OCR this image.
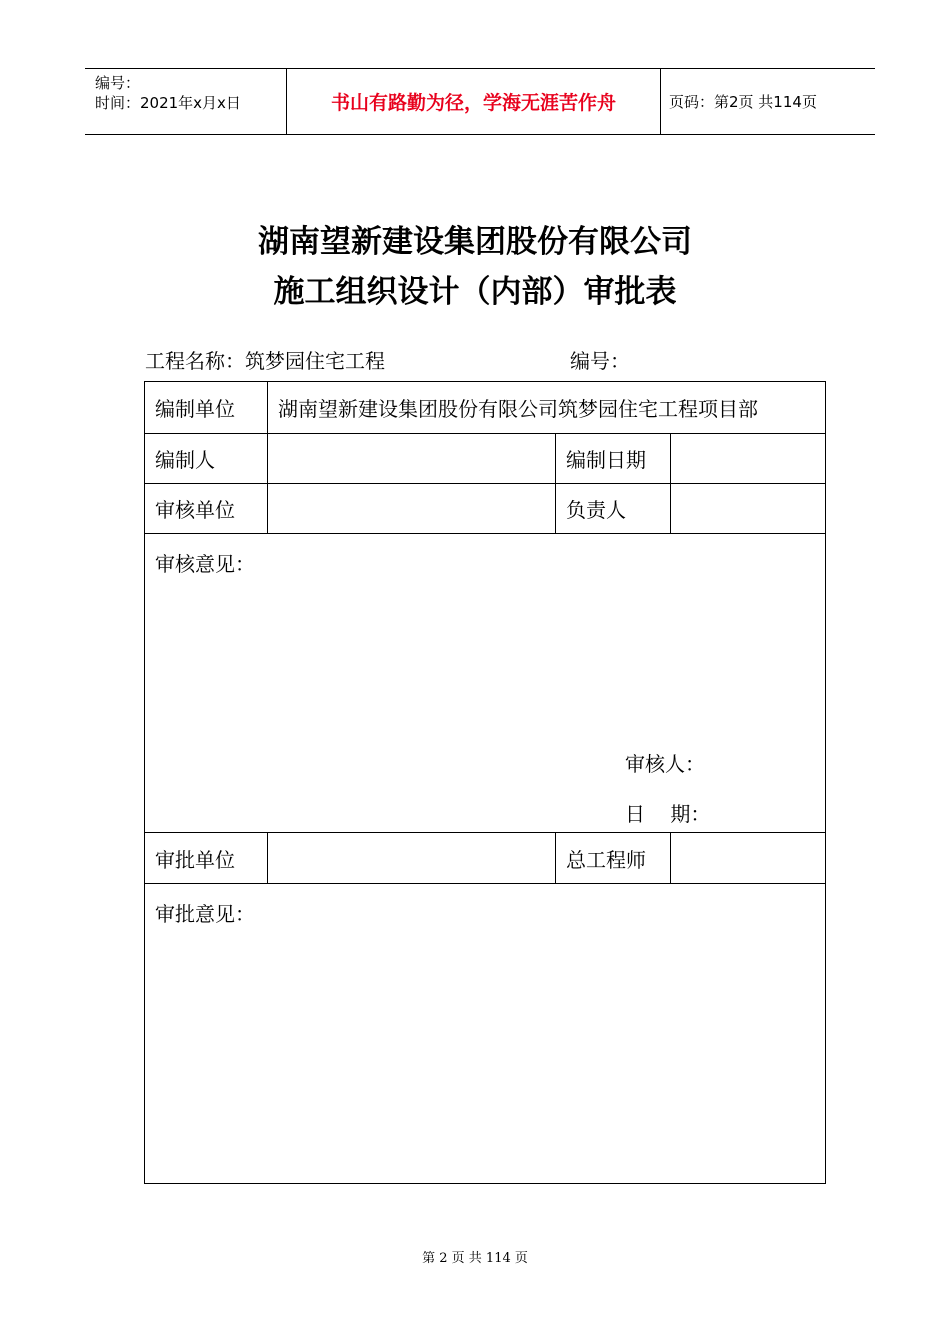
编号：
时间：2021年x月x日	书山有路勤为径，学海无涯苦作舟	页码：第2页 共114页
湖南望新建设集团股份有限公司
施工组织设计（内部）审批表
工程名称：筑梦园住宅工程	编号：
编制单位	湖南望新建设集团股份有限公司筑梦园住宅工程项目部		
编制人		编制日期	
审核单位		负责人	

审核意见：
审核人：
日    期：			

审批单位		总工程师	

审批意见：			
第 2 页 共 114 页
